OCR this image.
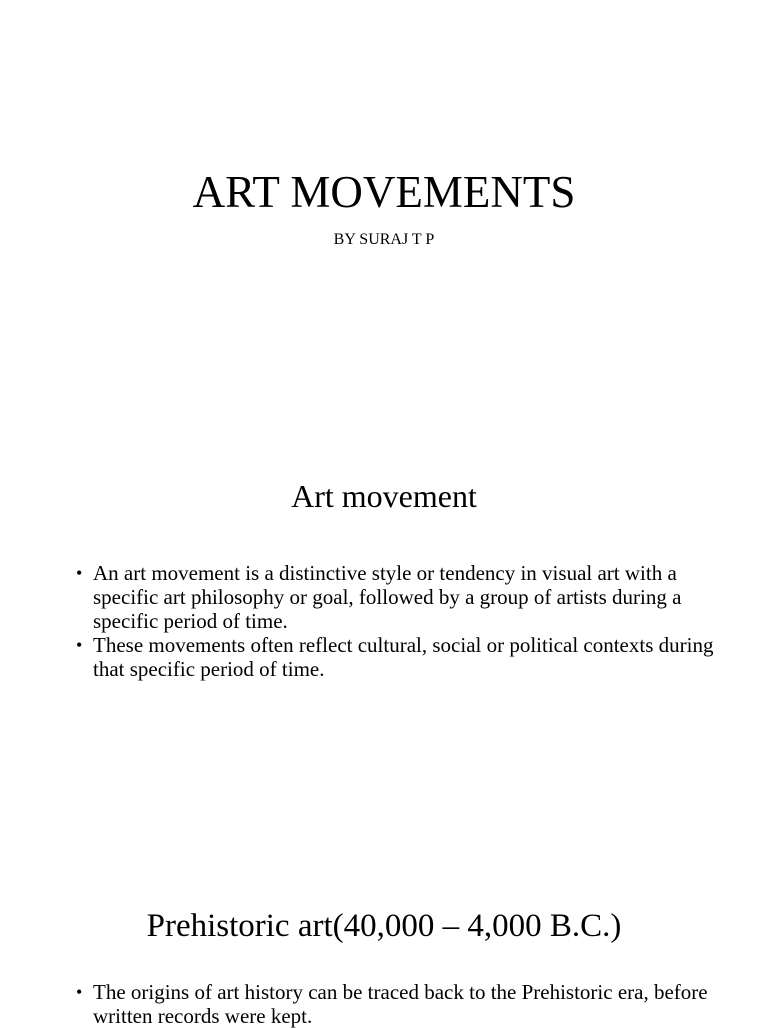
ART MOVEMENTS
BY SURAJ T P
Art movement
• An art movement is a distinctive style or tendency in visual art with a specific art philosophy or goal, followed by a group of artists during a specific period of time.
• These movements often reflect cultural, social or political contexts during that specific period of time.
Prehistoric art(40,000 – 4,000 B.C.)
• The origins of art history can be traced back to the Prehistoric era, before written records were kept.
